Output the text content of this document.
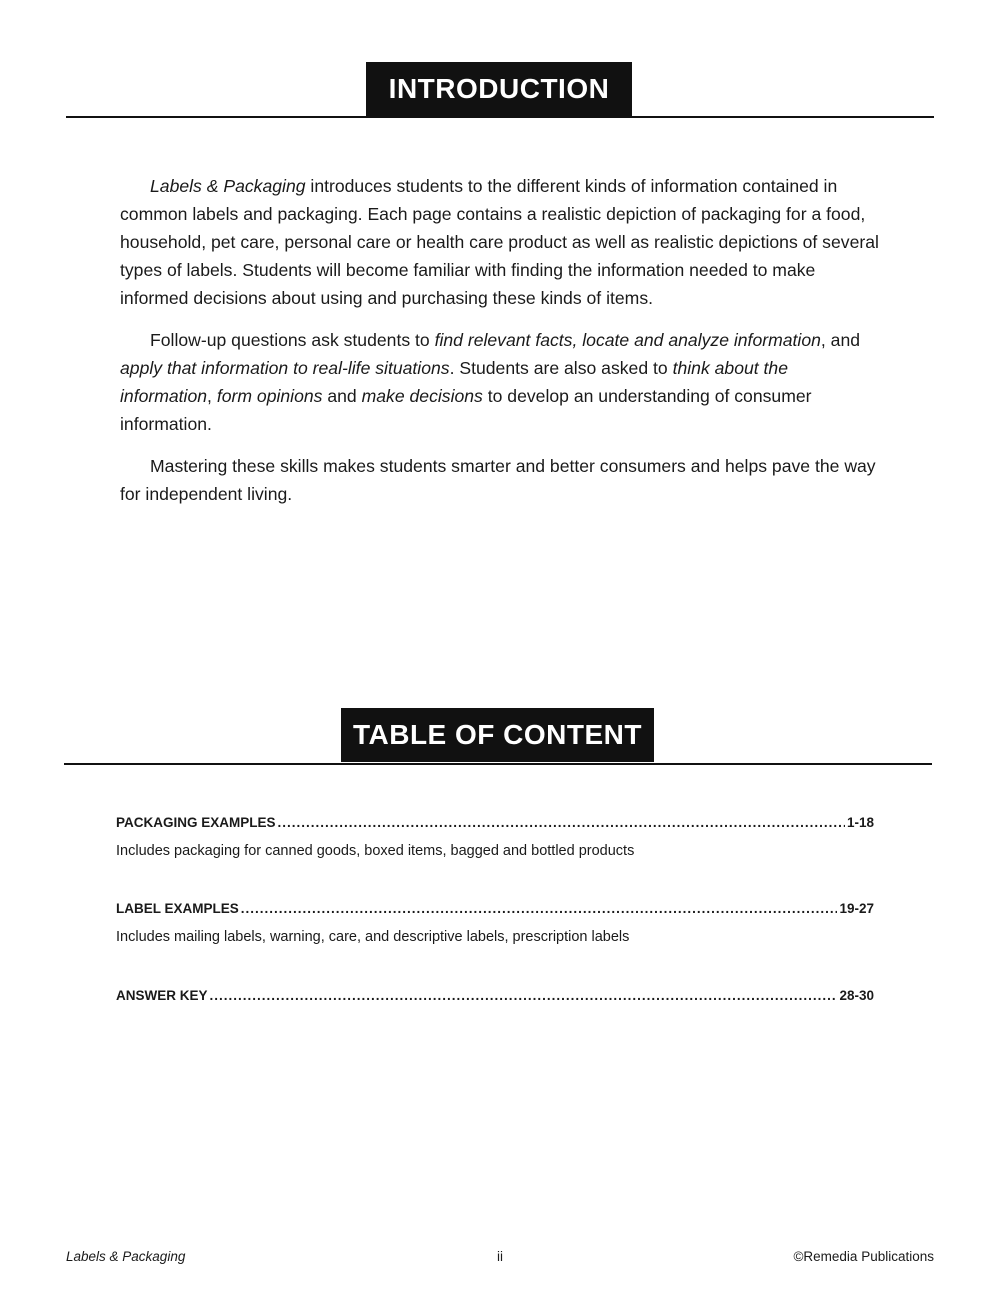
INTRODUCTION

Labels & Packaging introduces students to the different kinds of information contained in common labels and packaging. Each page contains a realistic depiction of packaging for a food, household, pet care, personal care or health care product as well as realistic depictions of several types of labels. Students will become familiar with finding the information needed to make informed decisions about using and purchasing these kinds of items.

Follow-up questions ask students to find relevant facts, locate and analyze information, and apply that information to real-life situations. Students are also asked to think about the information, form opinions and make decisions to develop an understanding of consumer information.

Mastering these skills makes students smarter and better consumers and helps pave the way for independent living.

TABLE OF CONTENT
PACKAGING EXAMPLES .....	1-18
Includes packaging for canned goods, boxed items, bagged and bottled products
LABEL EXAMPLES .....	19-27
Includes mailing labels, warning, care, and descriptive labels, prescription labels
ANSWER KEY .....	28-30
Labels & Packaging	ii	©Remedia Publications
